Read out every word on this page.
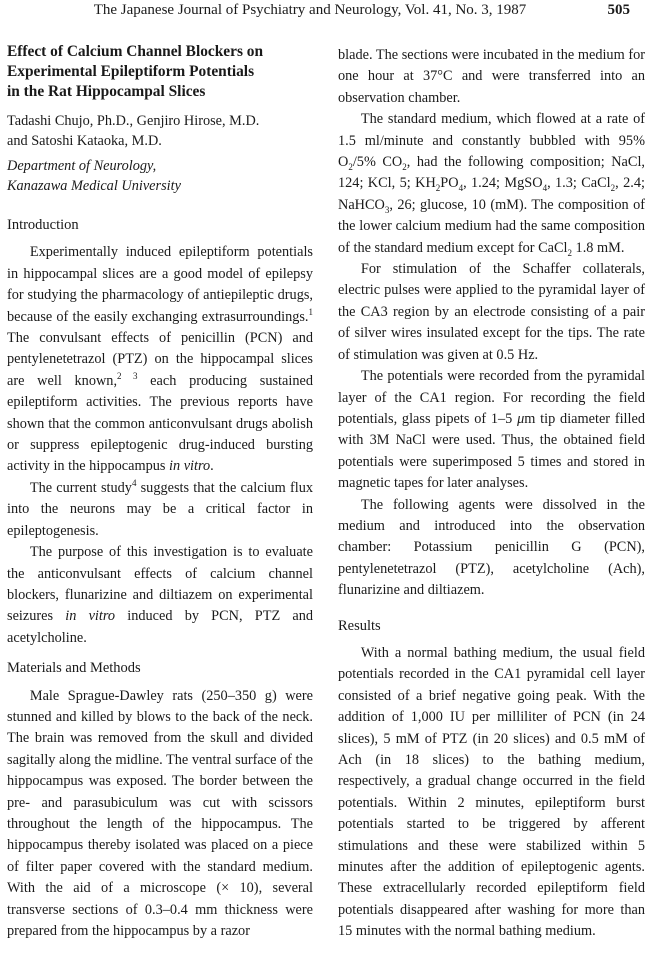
The Japanese Journal of Psychiatry and Neurology, Vol. 41, No. 3, 1987	505
Effect of Calcium Channel Blockers on
Experimental Epileptiform Potentials
in the Rat Hippocampal Slices

Tadashi Chujo, Ph.D., Genjiro Hirose, M.D.
and Satoshi Kataoka, M.D.

Department of Neurology,
Kanazawa Medical University

Introduction

Experimentally induced epileptiform potentials in hippocampal slices are a good model of epilepsy for studying the pharmacology of antiepileptic drugs, because of the easily exchanging extrasurroundings.$^1$ The convulsant effects of penicillin (PCN) and pentylenetetrazol (PTZ) on the hippocampal slices are well known,$^{2 3}$ each producing sustained epileptiform activities. The previous reports have shown that the common anticonvulsant drugs abolish or suppress epileptogenic drug-induced bursting activity in the hippocampus in vitro.

The current study$^4$ suggests that the calcium flux into the neurons may be a critical factor in epileptogenesis.

The purpose of this investigation is to evaluate the anticonvulsant effects of calcium channel blockers, flunarizine and diltiazem on experimental seizures in vitro induced by PCN, PTZ and acetylcholine.

Materials and Methods

Male Sprague-Dawley rats (250–350 g) were stunned and killed by blows to the back of the neck. The brain was removed from the skull and divided sagitally along the midline. The ventral surface of the hippocampus was exposed. The border between the pre- and parasubiculum was cut with scissors throughout the length of the hippocampus. The hippocampus thereby isolated was placed on a piece of filter paper covered with the standard medium. With the aid of a microscope (× 10), several transverse sections of 0.3–0.4 mm thickness were prepared from the hippocampus by a razor

blade. The sections were incubated in the medium for one hour at 37°C and were transferred into an observation chamber.

The standard medium, which flowed at a rate of 1.5 ml/minute and constantly bubbled with 95% $O_2/5\%$ $CO_2$, had the following composition; NaCl, 124; KCl, 5; $KH_2PO_4$, 1.24; MgSO$_4$, 1.3; CaCl$_2$, 2.4; NaHCO$_3$, 26; glucose, 10 (mM). The composition of the lower calcium medium had the same composition of the standard medium except for CaCl$_2$ 1.8 mM.

For stimulation of the Schaffer collaterals, electric pulses were applied to the pyramidal layer of the CA3 region by an electrode consisting of a pair of silver wires insulated except for the tips. The rate of stimulation was given at 0.5 Hz.

The potentials were recorded from the pyramidal layer of the CA1 region. For recording the field potentials, glass pipets of 1–5 μm tip diameter filled with 3M NaCl were used. Thus, the obtained field potentials were superimposed 5 times and stored in magnetic tapes for later analyses.

The following agents were dissolved in the medium and introduced into the observation chamber: Potassium penicillin G (PCN), pentylenetetrazol (PTZ), acetylcholine (Ach), flunarizine and diltiazem.

Results

With a normal bathing medium, the usual field potentials recorded in the CA1 pyramidal cell layer consisted of a brief negative going peak. With the addition of 1,000 IU per milliliter of PCN (in 24 slices), 5 mM of PTZ (in 20 slices) and 0.5 mM of Ach (in 18 slices) to the bathing medium, respectively, a gradual change occurred in the field potentials. Within 2 minutes, epileptiform burst potentials started to be triggered by afferent stimulations and these were stabilized within 5 minutes after the addition of epileptogenic agents. These extracellularly recorded epileptiform field potentials disappeared after washing for more than 15 minutes with the normal bathing medium.
